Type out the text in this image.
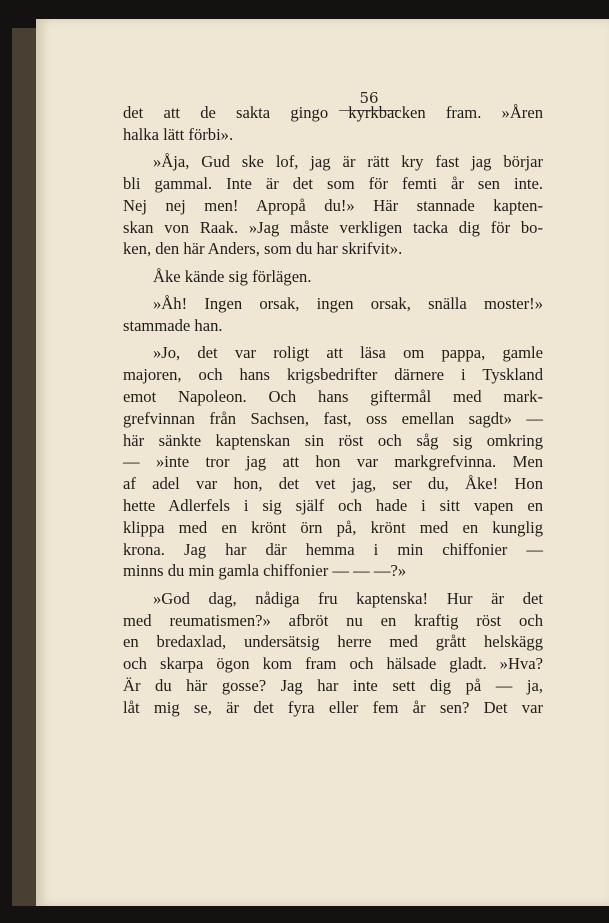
56
det att de sakta gingo kyrkbacken fram. »Åren
halka lätt förbi».
»Åja, Gud ske lof, jag är rätt kry fast jag börjar
bli gammal. Inte är det som för femti år sen inte.
Nej nej men! Apropå du!» Här stannade kapten-
skan von Raak. »Jag måste verkligen tacka dig för bo-
ken, den här Anders, som du har skrifvit».
Åke kände sig förlägen.
»Åh! Ingen orsak, ingen orsak, snälla moster!»
stammade han.
»Jo, det var roligt att läsa om pappa, gamle
majoren, och hans krigsbedrifter därnere i Tyskland
emot Napoleon. Och hans giftermål med mark-
grefvinnan från Sachsen, fast, oss emellan sagdt» —
här sänkte kaptenskan sin röst och såg sig omkring
— »inte tror jag att hon var markgrefvinna. Men
af adel var hon, det vet jag, ser du, Åke! Hon
hette Adlerfels i sig själf och hade i sitt vapen en
klippa med en krönt örn på, krönt med en kunglig
krona. Jag har där hemma i min chiffonier —
minns du min gamla chiffonier — — —?»
»God dag, nådiga fru kaptenska! Hur är det
med reumatismen?» afbröt nu en kraftig röst och
en bredaxlad, undersätsig herre med grått helskägg
och skarpa ögon kom fram och hälsade gladt. »Hva?
Är du här gosse? Jag har inte sett dig på — ja,
låt mig se, är det fyra eller fem år sen? Det var
